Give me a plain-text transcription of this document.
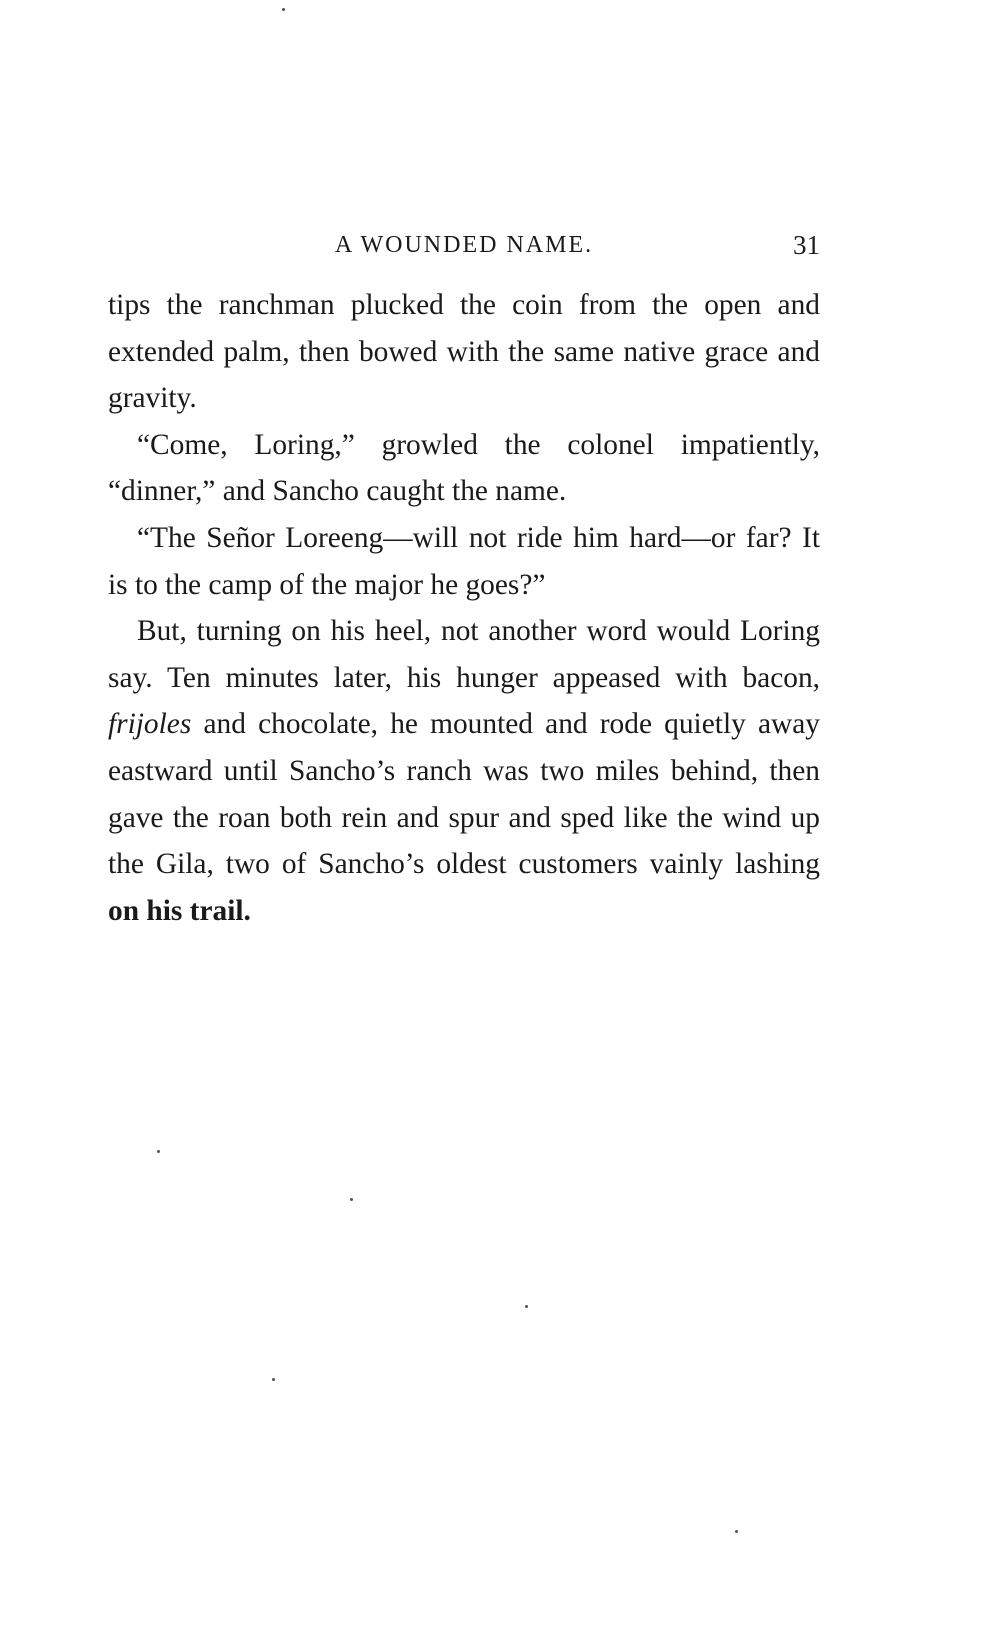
A WOUNDED NAME.	31

tips the ranchman plucked the coin from the open and extended palm, then bowed with the same native grace and gravity.

“Come, Loring,” growled the colonel impatiently, “dinner,” and Sancho caught the name.

“The Señor Loreeng—will not ride him hard—or far? It is to the camp of the major he goes?”

But, turning on his heel, not another word would Loring say. Ten minutes later, his hunger appeased with bacon, frijoles and chocolate, he mounted and rode quietly away eastward until Sancho’s ranch was two miles behind, then gave the roan both rein and spur and sped like the wind up the Gila, two of Sancho’s oldest customers vainly lashing on his trail.
